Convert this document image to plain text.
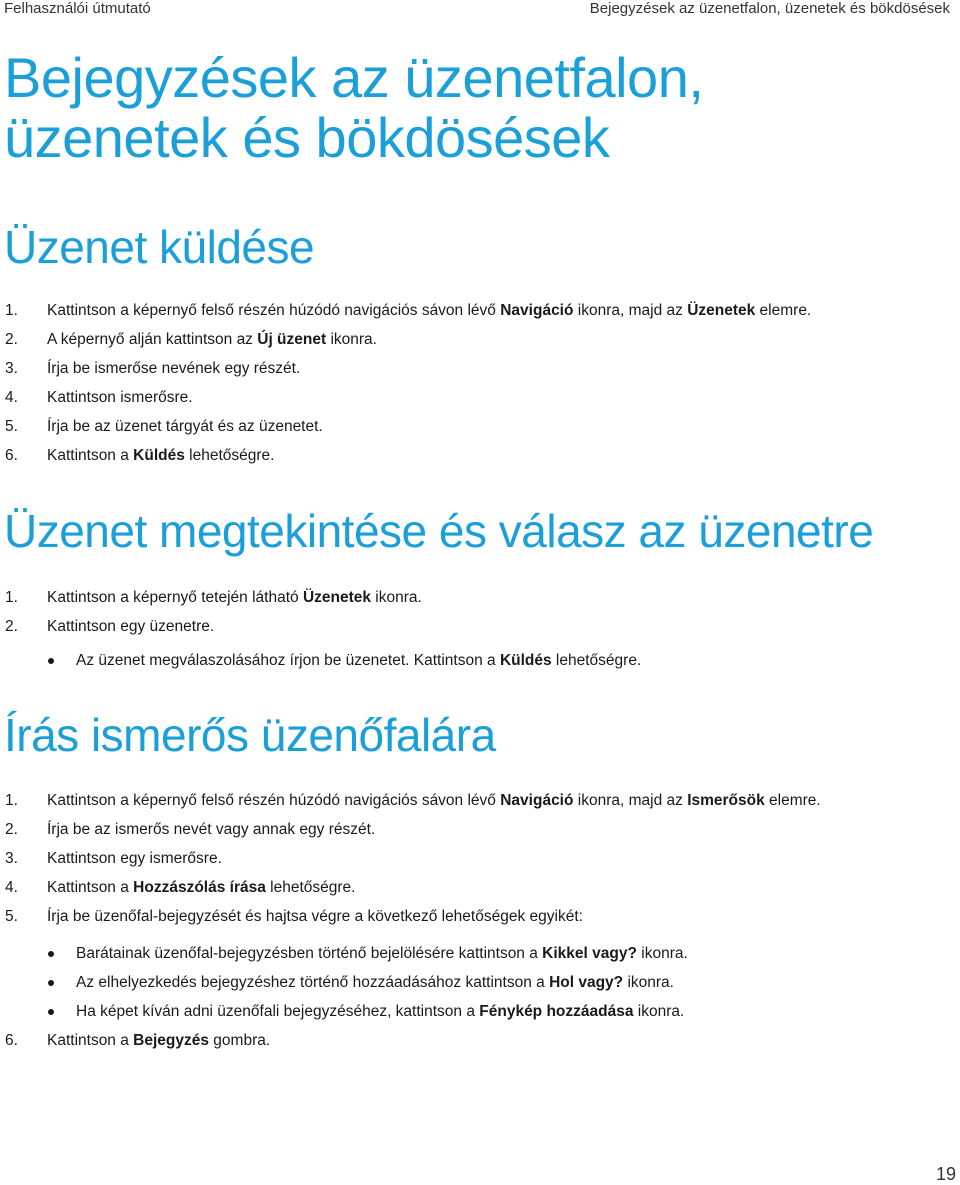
Felhasználói útmutató	Bejegyzések az üzenetfalon, üzenetek és bökdösések
Bejegyzések az üzenetfalon,
üzenetek és bökdösések
Üzenet küldése
1. Kattintson a képernyő felső részén húzódó navigációs sávon lévő Navigáció ikonra, majd az Üzenetek elemre.
2. A képernyő alján kattintson az Új üzenet ikonra.
3. Írja be ismerőse nevének egy részét.
4. Kattintson ismerősre.
5. Írja be az üzenet tárgyát és az üzenetet.
6. Kattintson a Küldés lehetőségre.
Üzenet megtekintése és válasz az üzenetre
1. Kattintson a képernyő tetején látható Üzenetek ikonra.
2. Kattintson egy üzenetre.
Az üzenet megválaszolásához írjon be üzenetet. Kattintson a Küldés lehetőségre.
Írás ismerős üzenőfalára
1. Kattintson a képernyő felső részén húzódó navigációs sávon lévő Navigáció ikonra, majd az Ismerősök elemre.
2. Írja be az ismerős nevét vagy annak egy részét.
3. Kattintson egy ismerősre.
4. Kattintson a Hozzászólás írása lehetőségre.
5. Írja be üzenőfal-bejegyzését és hajtsa végre a következő lehetőségek egyikét:
Barátainak üzenőfal-bejegyzésben történő bejelölésére kattintson a Kikkel vagy? ikonra.
Az elhelyezkedés bejegyzéshez történő hozzáadásához kattintson a Hol vagy? ikonra.
Ha képet kíván adni üzenőfali bejegyzéséhez, kattintson a Fénykép hozzáadása ikonra.
6. Kattintson a Bejegyzés gombra.
19
